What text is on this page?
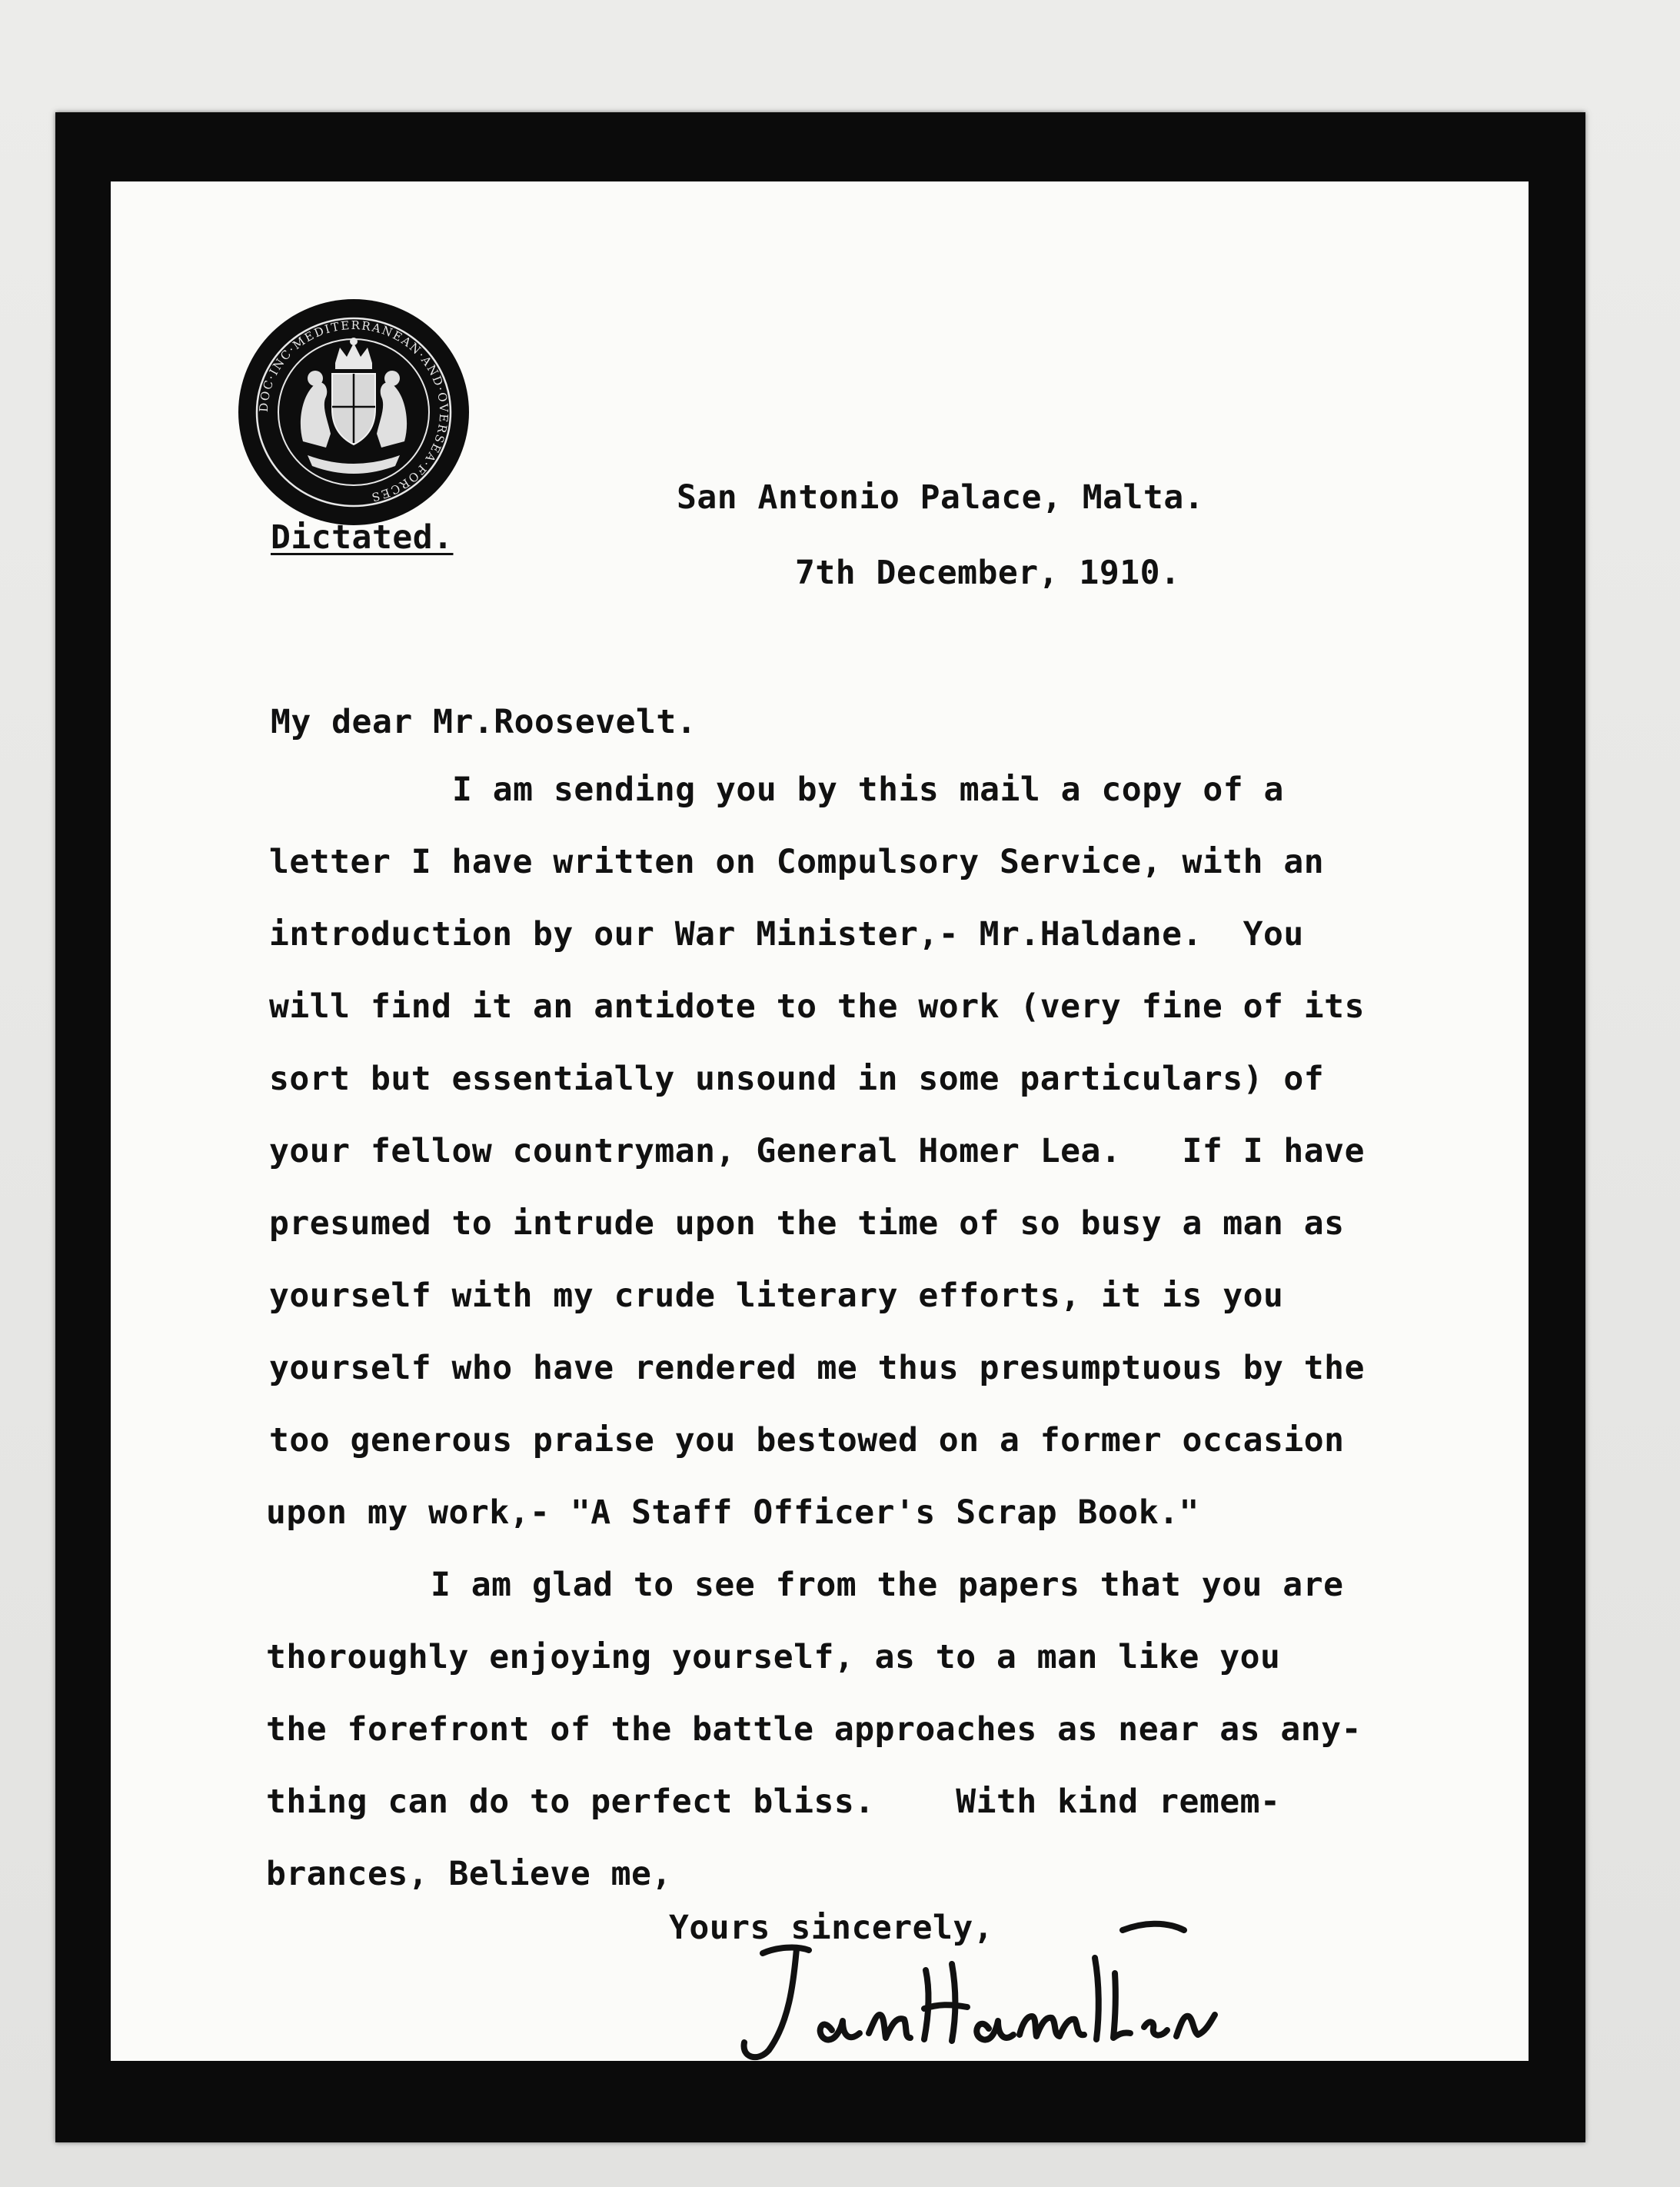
DOC·INC·MEDITERRANEAN·AND·OVERSEA·FORCES	San Antonio Palace, Malta.

Dictated.

7th December, 1910.

My dear Mr.Roosevelt.

I am sending you by this mail a copy of a

letter I have written on Compulsory Service, with an

introduction by our War Minister,- Mr.Haldane.  You

will find it an antidote to the work (very fine of its

sort but essentially unsound in some particulars) of

your fellow countryman, General Homer Lea.   If I have

presumed to intrude upon the time of so busy a man as

yourself with my crude literary efforts, it is you

yourself who have rendered me thus presumptuous by the

too generous praise you bestowed on a former occasion

upon my work,- "A Staff Officer's Scrap Book."

I am glad to see from the papers that you are

thoroughly enjoying yourself, as to a man like you

the forefront of the battle approaches as near as any-

thing can do to perfect bliss.    With kind remem-

brances, Believe me,

Yours sincerely,
